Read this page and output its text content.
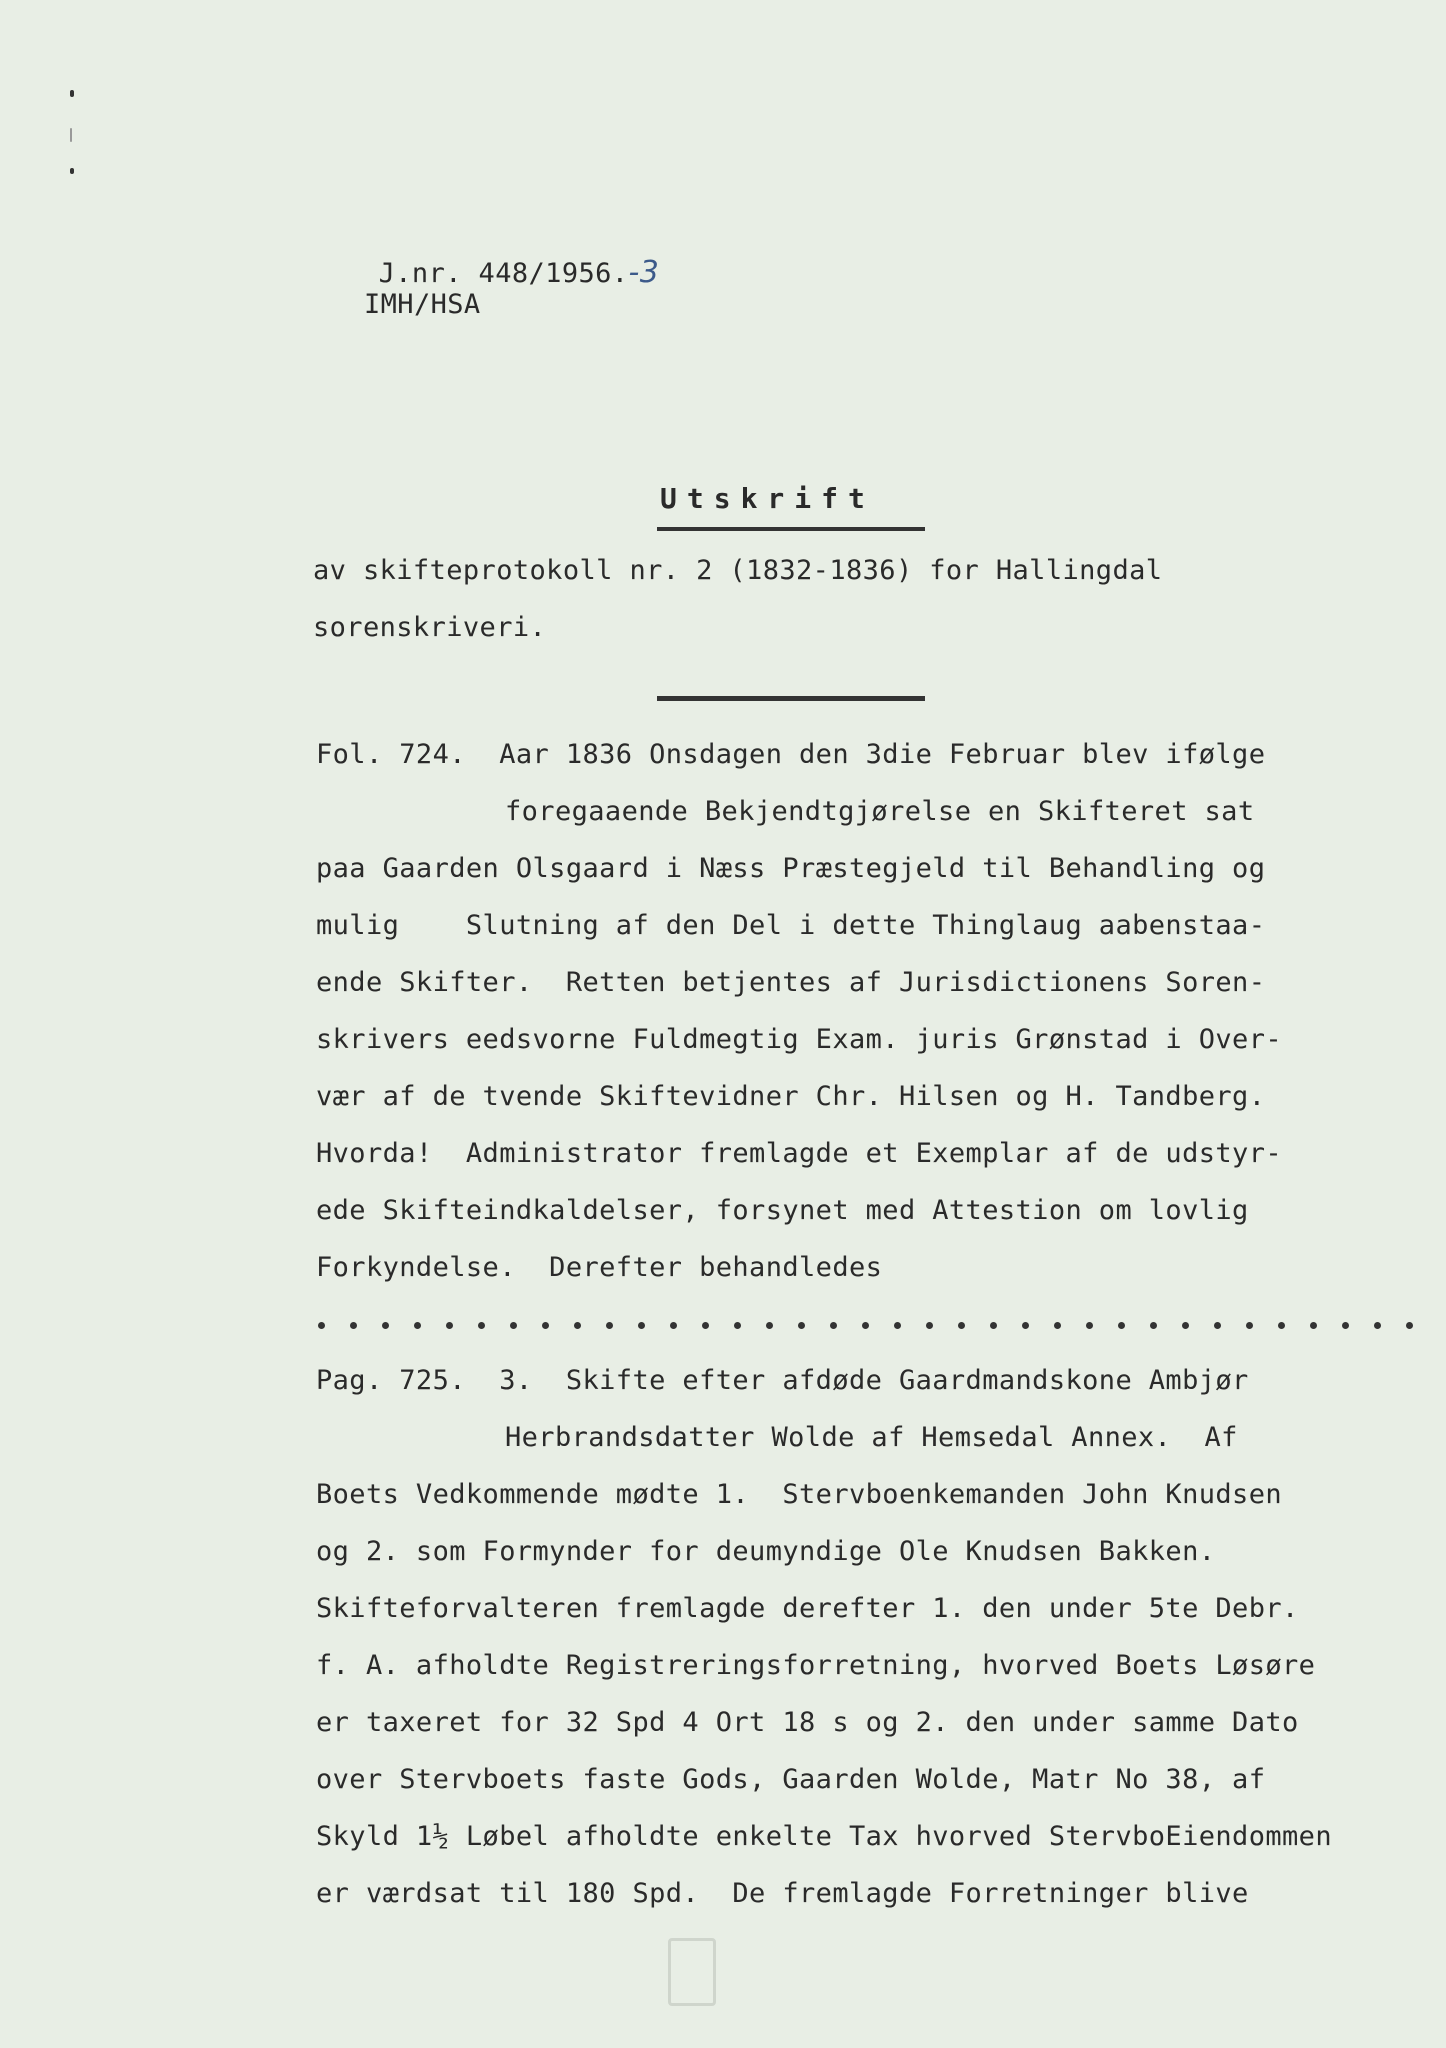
J.nr. 448/1956.-3

IMH/HSA
Utskrift
av skifteprotokoll nr. 2 (1832-1836) for Hallingdal
sorenskriveri.
Fol. 724.  Aar 1836 Onsdagen den 3die Februar blev ifølge
foregaaende Bekjendtgjørelse en Skifteret sat
paa Gaarden Olsgaard i Næss Præstegjeld til Behandling og
mulig    Slutning af den Del i dette Thinglaug aabenstaa-
ende Skifter.  Retten betjentes af Jurisdictionens Soren-
skrivers eedsvorne Fuldmegtig Exam. juris Grønstad i Over-
vær af de tvende Skiftevidner Chr. Hilsen og H. Tandberg.
Hvorda!  Administrator fremlagde et Exemplar af de udstyr-
ede Skifteindkaldelser, forsynet med Attestion om lovlig
Forkyndelse.  Derefter behandledes
Pag. 725.  3.  Skifte efter afdøde Gaardmandskone Ambjør
Herbrandsdatter Wolde af Hemsedal Annex.  Af
Boets Vedkommende mødte 1.  Stervboenkemanden John Knudsen
og 2. som Formynder for deumyndige Ole Knudsen Bakken.
Skifteforvalteren fremlagde derefter 1. den under 5te Debr.
f. A. afholdte Registreringsforretning, hvorved Boets Løsøre
er taxeret for 32 Spd 4 Ort 18 s og 2. den under samme Dato
over Stervboets faste Gods, Gaarden Wolde, Matr No 38, af
Skyld 1½ Løbel afholdte enkelte Tax hvorved StervboEiendommen
er værdsat til 180 Spd.  De fremlagde Forretninger blive
